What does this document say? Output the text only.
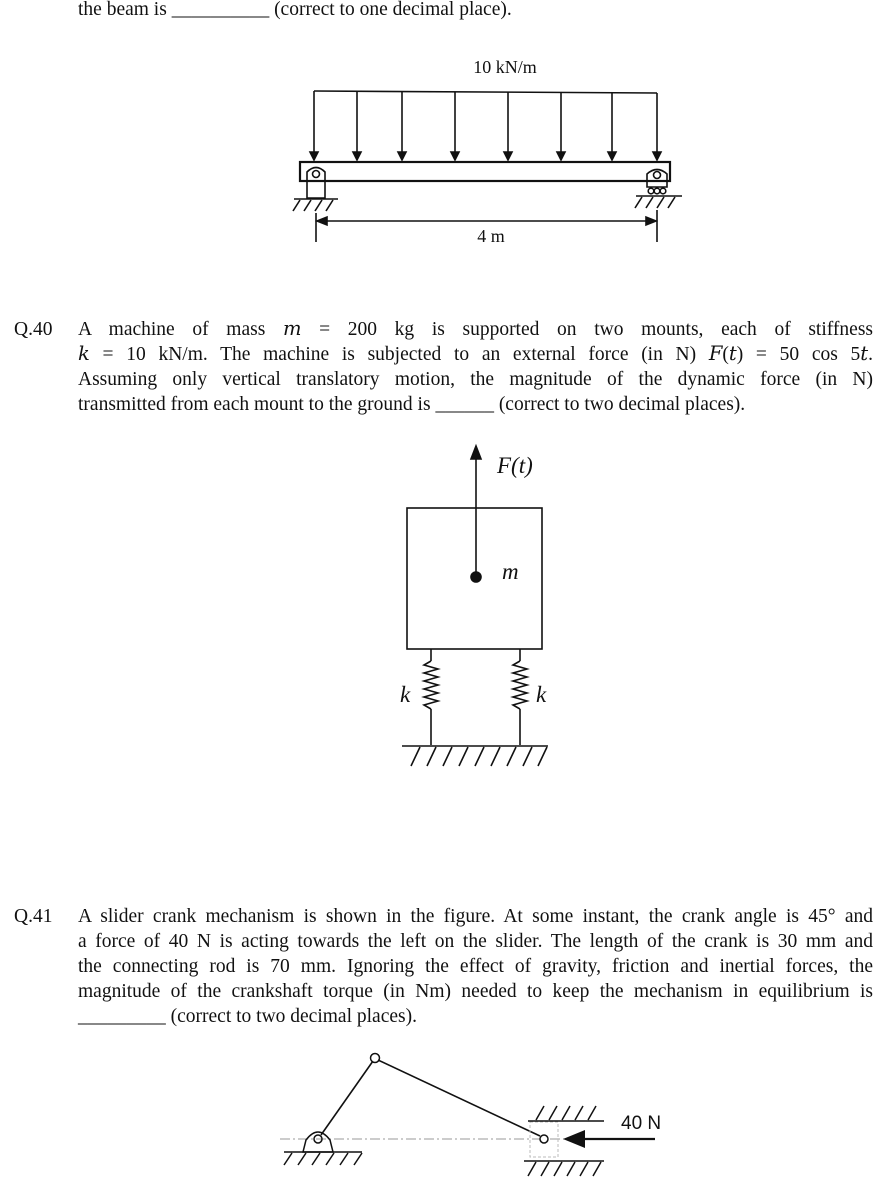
the beam is __________ (correct to one decimal place).
10 kN/m
4 m
F(t)
m
k	k
40 N
Q.40 A machine of mass 𝑚 = 200 kg is supported on two mounts, each of stiffness
𝑘 = 10 kN/m. The machine is subjected to an external force (in N) 𝐹(𝑡) = 50 cos 5𝑡.
Assuming only vertical translatory motion, the magnitude of the dynamic force (in N)
transmitted from each mount to the ground is ______ (correct to two decimal places).
Q.41 A slider crank mechanism is shown in the figure. At some instant, the crank angle is 45° and
a force of 40 N is acting towards the left on the slider. The length of the crank is 30 mm and
the connecting rod is 70 mm. Ignoring the effect of gravity, friction and inertial forces, the
magnitude of the crankshaft torque (in Nm) needed to keep the mechanism in equilibrium is
_________ (correct to two decimal places).
